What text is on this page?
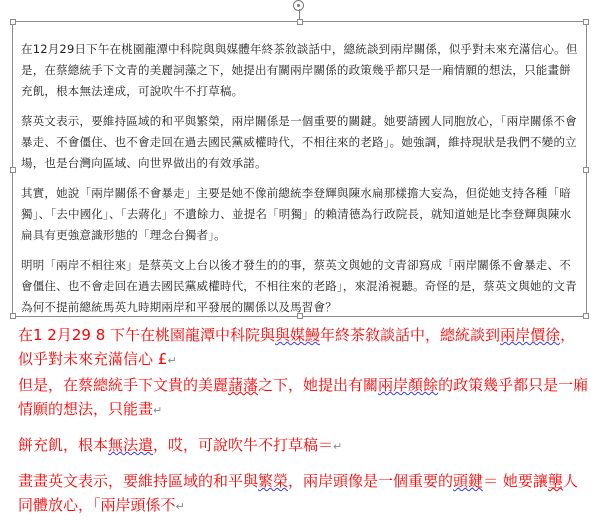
在12月29日下午在桃園龍潭中科院與與媒體年終茶敘談話中，總統談到兩岸關係，似乎對未來充滿信心。但是，在蔡總統手下文青的美麗詞藻之下，她提出有關兩岸關係的政策幾乎都只是一廂情願的想法，只能畫餅充飢，根本無法達成，可說吹牛不打草稿。

蔡英文表示，要維持區域的和平與繁榮，兩岸關係是一個重要的關鍵。她要請國人同胞放心，「兩岸關係不會暴走、不會僵住、也不會走回在過去國民黨威權時代，不相往來的老路」。她強調，維持現狀是我們不變的立場，也是台灣向區域、向世界做出的有效承諾。

其實，她說「兩岸關係不會暴走」主要是她不像前總統李登輝與陳水扁那樣擔大妄為，但從她支持各種「暗獨」、「去中國化」、「去蔣化」不遺餘力、並提名「明獨」的賴清德為行政院長，就知道她是比李登輝與陳水扁具有更強意識形態的「理念台獨者」。

明明「兩岸不相往來」是蔡英文上台以後才發生的的事，蔡英文與她的文青卻寫成「兩岸關係不會暴走、不會僵住、也不會走回在過去國民黨威權時代，不相往來的老路」，來混淆視聽。奇怪的是，蔡英文與她的文青為何不提前總統馬英九時期兩岸和平發展的關係以及馬習會？

在1 2月29 8 下午在桃園龍潭中科院與與媒鰻年終茶敘談話中，總統談到兩岸價徐，似乎對未來充滿信心 £↵
但是，在蔡總統手下文貴的美麗藷藩之下，她提出有關兩岸顏餘的政策幾乎都只是一廂情願的想法，只能畫↵

餅充飢，根本無法遣，哎，可說吹牛不打草稿＝↵

畫畫英文表示，要維持區域的和平與繁榮，兩岸頭像是一個重要的頭鍵＝ 她要讓壟人同體放心，「兩岸頭係不↵
